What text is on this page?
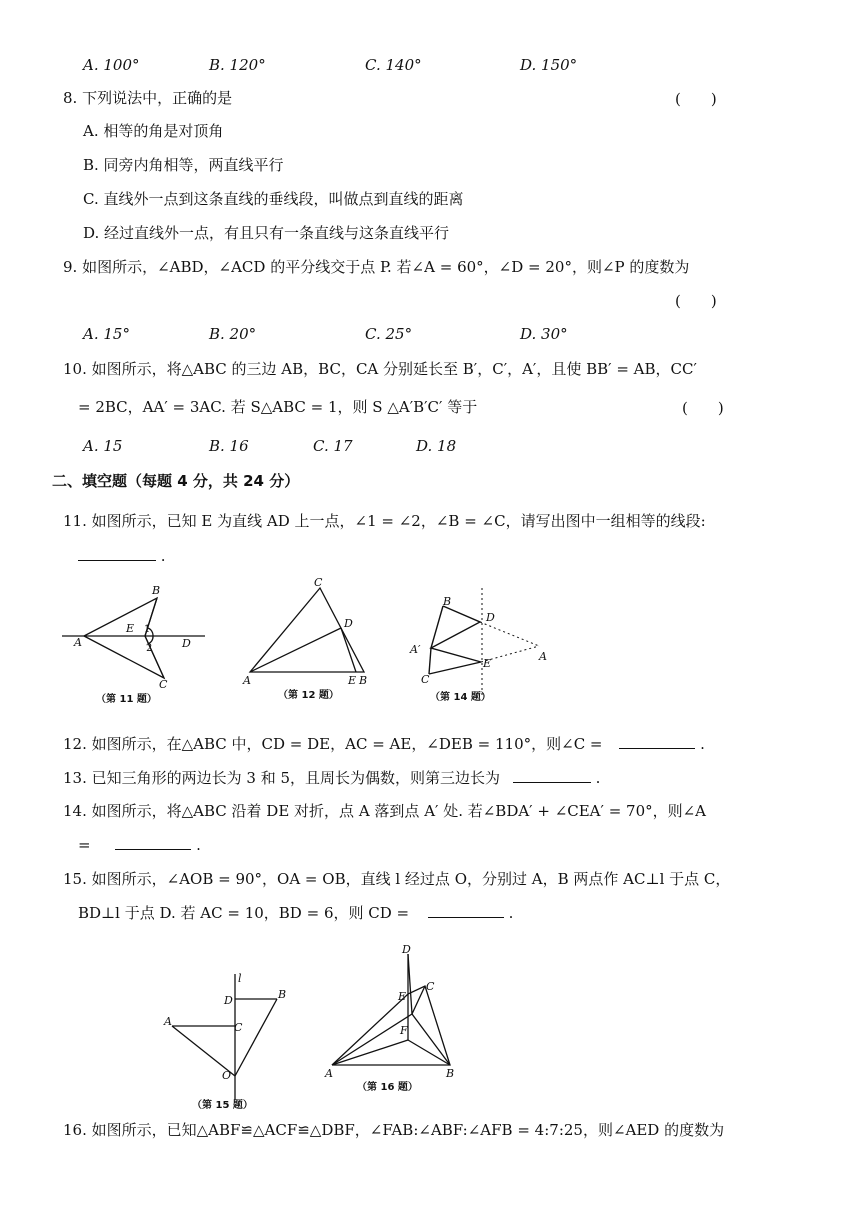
A. 100°	B. 120°	C. 140°	D. 150°
8. 下列说法中，正确的是	(　　)
A. 相等的角是对顶角
B. 同旁内角相等，两直线平行
C. 直线外一点到这条直线的垂线段，叫做点到直线的距离
D. 经过直线外一点，有且只有一条直线与这条直线平行
9. 如图所示，∠ABD，∠ACD 的平分线交于点 P. 若∠A = 60°，∠D = 20°，则∠P 的度数为
(　　)
A. 15°	B. 20°	C. 25°	D. 30°
10. 如图所示，将△ABC 的三边 AB，BC，CA 分别延长至 B′，C′，A′，且使 BB′ = AB，CC′
= 2BC，AA′ = 3AC. 若 S△ABC = 1，则 S △A′B′C′ 等于	(　　)
A. 15	B. 16	C. 17	D. 18
二、填空题（每题 4 分，共 24 分）
11. 如图所示，已知 E 为直线 AD 上一点，∠1 = ∠2，∠B = ∠C，请写出图中一组相等的线段:
.
B
A
E
D
C
1
2
（第 11 题）
C
D
A	E B
（第 12 题）
B
D
A′
E
C
A
（第 14 题）
12. 如图所示，在△ABC 中，CD = DE，AC = AE，∠DEB = 110°，则∠C =	.
13. 已知三角形的两边长为 3 和 5，且周长为偶数，则第三边长为	.
14. 如图所示，将△ABC 沿着 DE 对折，点 A 落到点 A′ 处. 若∠BDA′ + ∠CEA′ = 70°，则∠A
=	.
15. 如图所示，∠AOB = 90°，OA = OB，直线 l 经过点 O，分别过 A，B 两点作 AC⊥l 于点 C，
BD⊥l 于点 D. 若 AC = 10，BD = 6，则 CD =	.
l
D	B
A	C
O
（第 15 题）
D
E
C
F
A	B
（第 16 题）
16. 如图所示，已知△ABF≌△ACF≌△DBF，∠FAB:∠ABF:∠AFB = 4:7:25，则∠AED 的度数为
